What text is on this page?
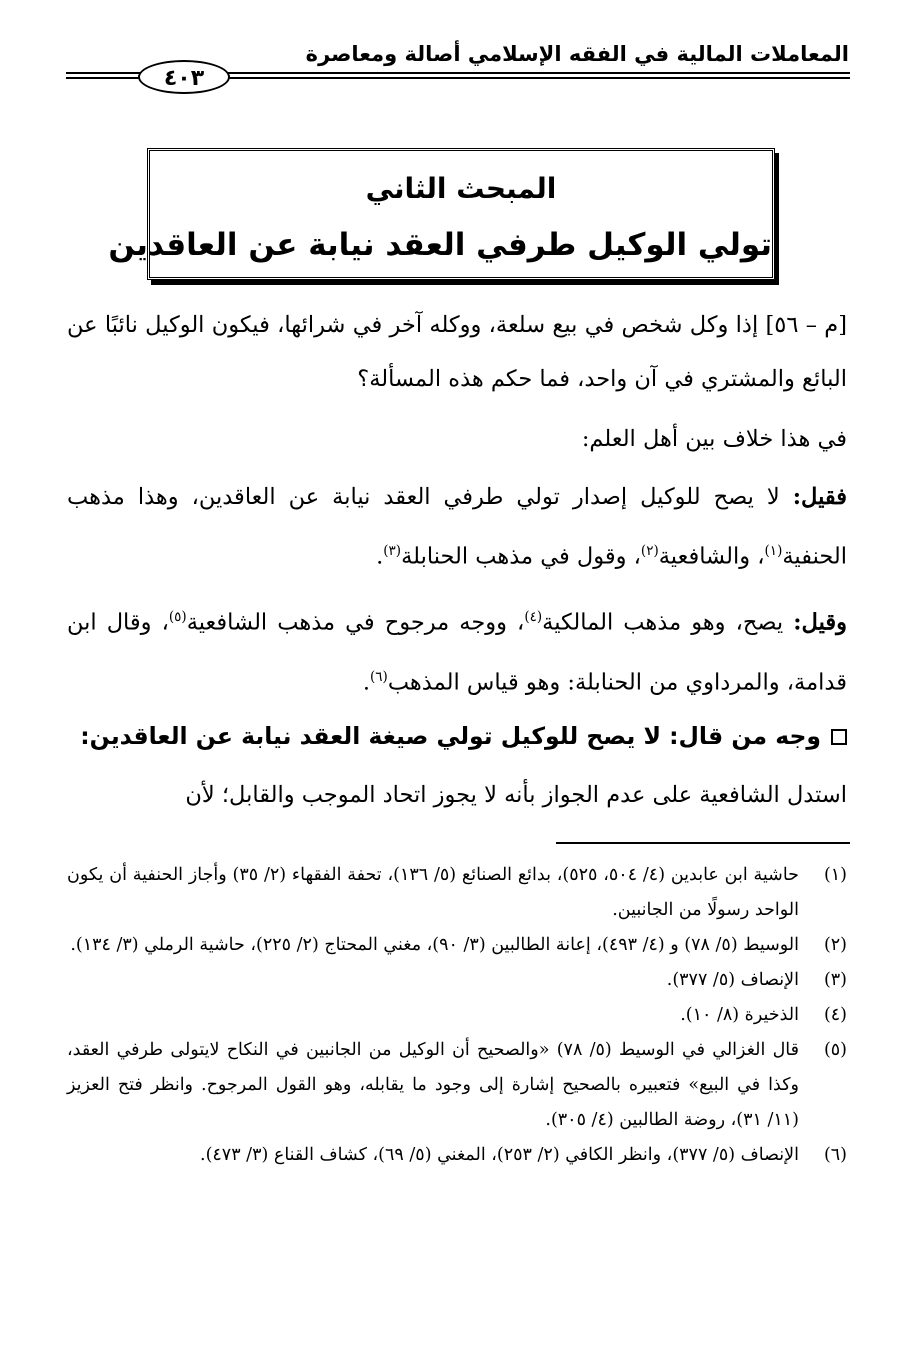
المعاملات المالية في الفقه الإسلامي أصالة ومعاصرة
٤٠٣
المبحث الثاني
تولي الوكيل طرفي العقد نيابة عن العاقدين

[م – ٥٦] إذا وكل شخص في بيع سلعة، ووكله آخر في شرائها، فيكون الوكيل نائبًا عن البائع والمشتري في آن واحد، فما حكم هذه المسألة؟

في هذا خلاف بين أهل العلم:

فقيل: لا يصح للوكيل إصدار تولي طرفي العقد نيابة عن العاقدين، وهذا مذهب الحنفية$^{(١)}$، والشافعية$^{(٢)}$، وقول في مذهب الحنابلة$^{(٣)}$.

وقيل: يصح، وهو مذهب المالكية$^{(٤)}$، ووجه مرجوح في مذهب الشافعية$^{(٥)}$، وقال ابن قدامة، والمرداوي من الحنابلة: وهو قياس المذهب$^{(٦)}$.

وجه من قال: لا يصح للوكيل تولي صيغة العقد نيابة عن العاقدين:

استدل الشافعية على عدم الجواز بأنه لا يجوز اتحاد الموجب والقابل؛ لأن

(١)
حاشية ابن عابدين (٤/ ٥٠٤، ٥٢٥)، بدائع الصنائع (٥/ ١٣٦)، تحفة الفقهاء (٢/ ٣٥) وأجاز الحنفية أن يكون الواحد رسولًا من الجانبين.

(٢)
الوسيط (٥/ ٧٨) و (٤/ ٤٩٣)، إعانة الطالبين (٣/ ٩٠)، مغني المحتاج (٢/ ٢٢٥)، حاشية الرملي (٣/ ١٣٤).

(٣)
الإنصاف (٥/ ٣٧٧).

(٤)
الذخيرة (٨/ ١٠).

(٥)
قال الغزالي في الوسيط (٥/ ٧٨) «والصحيح أن الوكيل من الجانبين في النكاح لايتولى طرفي العقد، وكذا في البيع» فتعبيره بالصحيح إشارة إلى وجود ما يقابله، وهو القول المرجوح. وانظر فتح العزيز (١١/ ٣١)، روضة الطالبين (٤/ ٣٠٥).

(٦)
الإنصاف (٥/ ٣٧٧)، وانظر الكافي (٢/ ٢٥٣)، المغني (٥/ ٦٩)، كشاف القناع (٣/ ٤٧٣).
